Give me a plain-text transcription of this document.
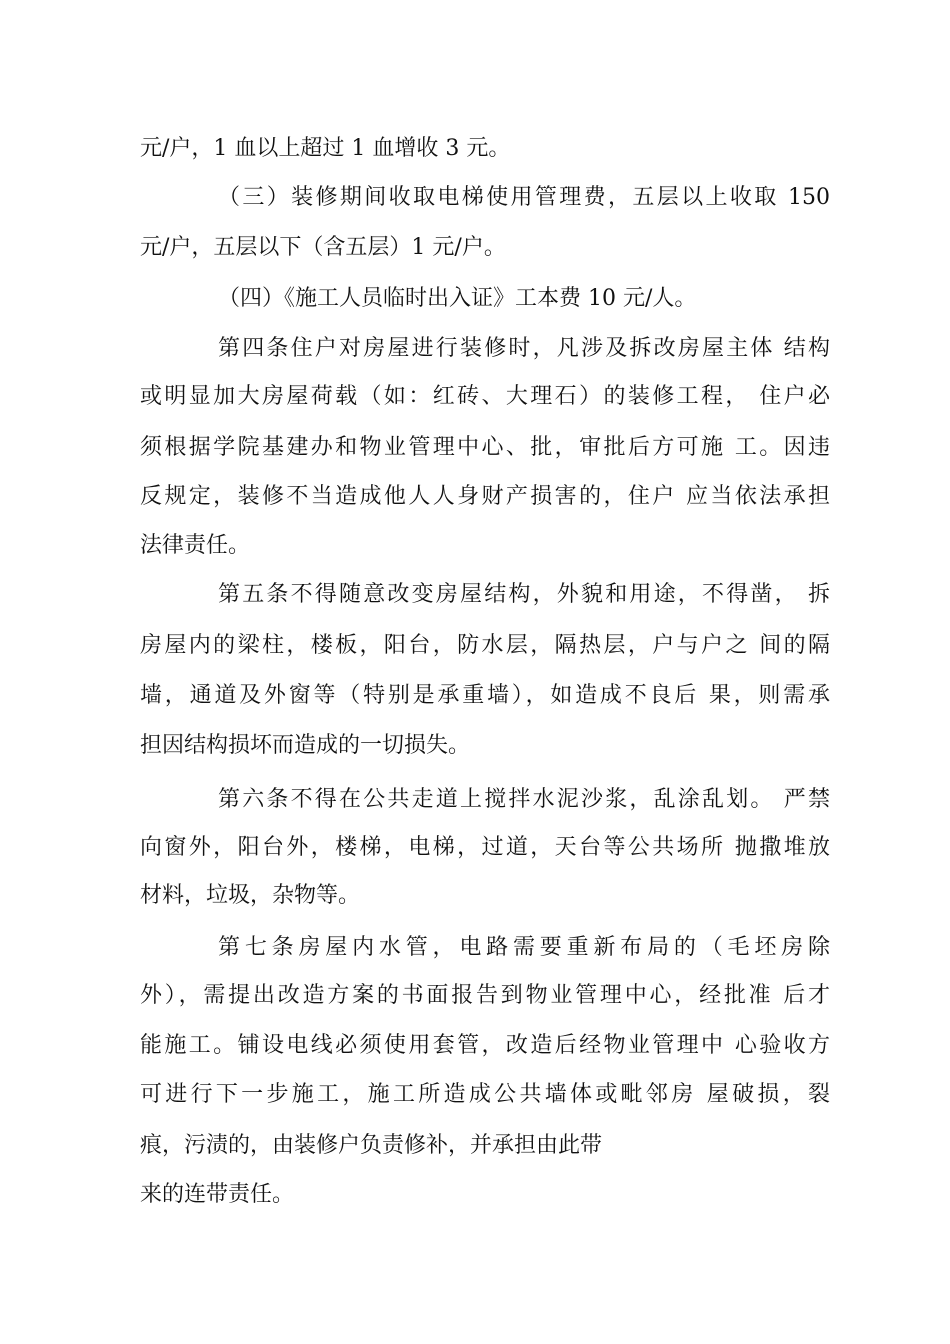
元/户，1 血以上超过 1 血增收 3 元。
（三）装修期间收取电梯使用管理费，五层以上收取 150
元/户，五层以下（含五层）1 元/户。
（四）《施工人员临时出入证》工本费 10 元/人。
第四条住户对房屋进行装修时，凡涉及拆改房屋主体 结构
或明显加大房屋荷载（如：红砖、大理石）的装修工程， 住户必
须根据学院基建办和物业管理中心、批，审批后方可施 工。因违
反规定，装修不当造成他人人身财产损害的，住户 应当依法承担
法律责任。
第五条不得随意改变房屋结构，外貌和用途，不得凿， 拆
房屋内的梁柱，楼板，阳台，防水层，隔热层，户与户之 间的隔
墙，通道及外窗等（特别是承重墙），如造成不良后 果，则需承
担因结构损坏而造成的一切损失。
第六条不得在公共走道上搅拌水泥沙浆，乱涂乱划。 严禁
向窗外，阳台外，楼梯，电梯，过道，天台等公共场所 抛撒堆放
材料，垃圾，杂物等。
第七条房屋内水管，电路需要重新布局的（毛坯房除
外），需提出改造方案的书面报告到物业管理中心，经批准 后才
能施工。铺设电线必须使用套管，改造后经物业管理中 心验收方
可进行下一步施工，施工所造成公共墙体或毗邻房 屋破损，裂
痕，污渍的，由装修户负责修补，并承担由此带
来的连带责任。
